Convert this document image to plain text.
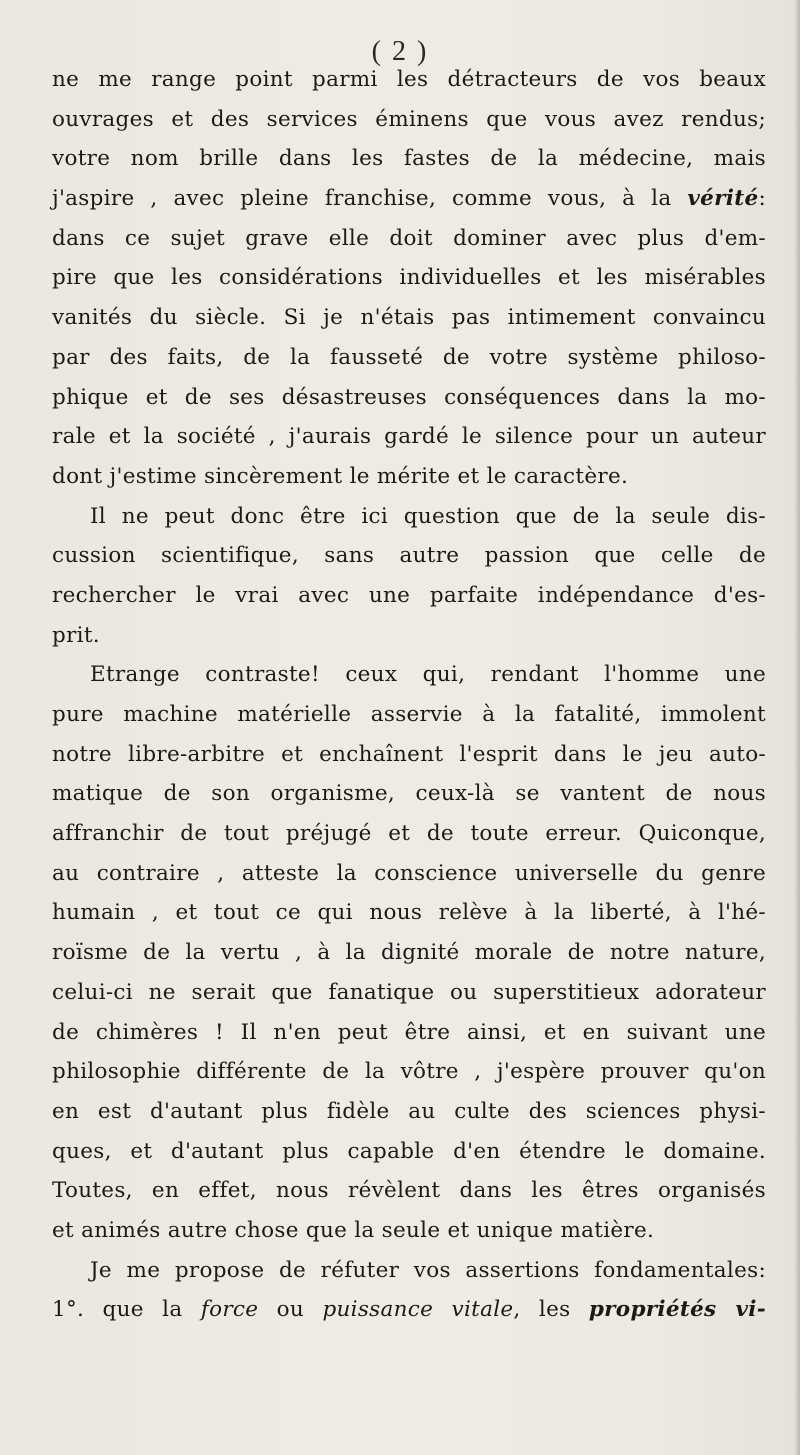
( 2 )
ne me range point parmi les détracteurs de vos beaux
ouvrages et des services éminens que vous avez rendus;
votre nom brille dans les fastes de la médecine, mais
j'aspire , avec pleine franchise, comme vous, à la vérité:
dans ce sujet grave elle doit dominer avec plus d'em-
pire que les considérations individuelles et les misérables
vanités du siècle. Si je n'étais pas intimement convaincu
par des faits, de la fausseté de votre système philoso-
phique et de ses désastreuses conséquences dans la mo-
rale et la société , j'aurais gardé le silence pour un auteur
dont j'estime sincèrement le mérite et le caractère.
Il ne peut donc être ici question que de la seule dis-
cussion scientifique, sans autre passion que celle de
rechercher le vrai avec une parfaite indépendance d'es-
prit.
Etrange contraste! ceux qui, rendant l'homme une
pure machine matérielle asservie à la fatalité, immolent
notre libre-arbitre et enchaînent l'esprit dans le jeu auto-
matique de son organisme, ceux-là se vantent de nous
affranchir de tout préjugé et de toute erreur. Quiconque,
au contraire , atteste la conscience universelle du genre
humain , et tout ce qui nous relève à la liberté, à l'hé-
roïsme de la vertu , à la dignité morale de notre nature,
celui-ci ne serait que fanatique ou superstitieux adorateur
de chimères ! Il n'en peut être ainsi, et en suivant une
philosophie différente de la vôtre , j'espère prouver qu'on
en est d'autant plus fidèle au culte des sciences physi-
ques, et d'autant plus capable d'en étendre le domaine.
Toutes, en effet, nous révèlent dans les êtres organisés
et animés autre chose que la seule et unique matière.
Je me propose de réfuter vos assertions fondamentales:
1°. que la force ou puissance vitale, les propriétés vi-
